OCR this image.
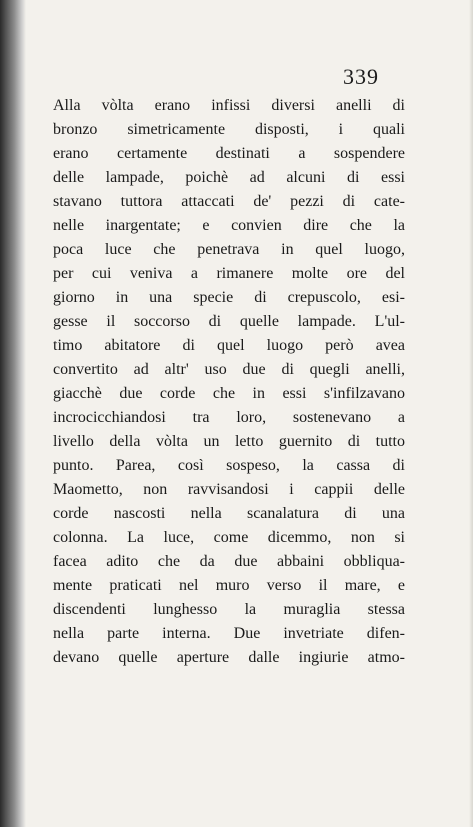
339
Alla vòlta erano infissi diversi anelli di
bronzo simetricamente disposti, i quali
erano certamente destinati a sospendere
delle lampade, poichè ad alcuni di essi
stavano tuttora attaccati de' pezzi di cate-
nelle inargentate; e convien dire che la
poca luce che penetrava in quel luogo,
per cui veniva a rimanere molte ore del
giorno in una specie di crepuscolo, esi-
gesse il soccorso di quelle lampade. L'ul-
timo abitatore di quel luogo però avea
convertito ad altr' uso due di quegli anelli,
giacchè due corde che in essi s'infilzavano
incrocicchiandosi tra loro, sostenevano a
livello della vòlta un letto guernito di tutto
punto. Parea, così sospeso, la cassa di
Maometto, non ravvisandosi i cappii delle
corde nascosti nella scanalatura di una
colonna. La luce, come dicemmo, non si
facea adito che da due abbaini obbliqua-
mente praticati nel muro verso il mare, e
discendenti lunghesso la muraglia stessa
nella parte interna. Due invetriate difen-
devano quelle aperture dalle ingiurie atmo-
